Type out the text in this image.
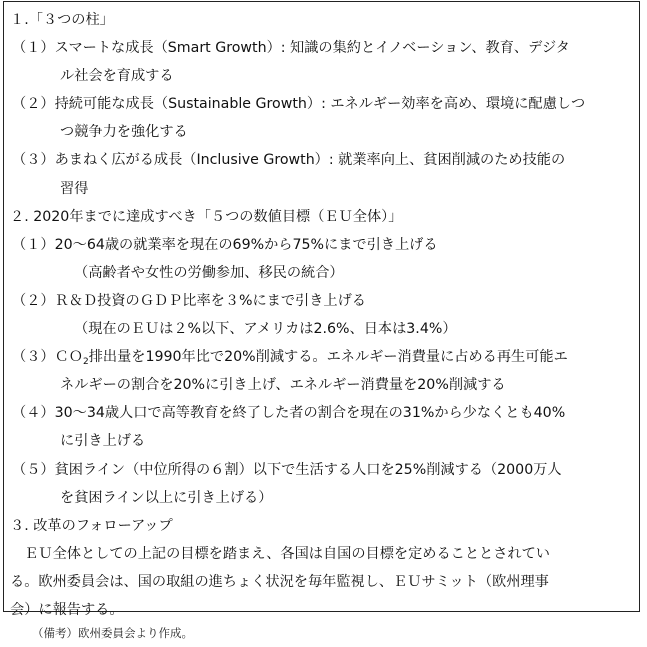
１.「３つの柱」
（１）スマートな成長（Smart Growth）: 知識の集約とイノベーション、教育、デジタ
ル社会を育成する
（２）持続可能な成長（Sustainable Growth）: エネルギー効率を高め、環境に配慮しつ
つ競争力を強化する
（３）あまねく広がる成長（Inclusive Growth）: 就業率向上、貧困削減のため技能の
習得
２. 2020年までに達成すべき「５つの数値目標（ＥＵ全体）」
（１）20～64歳の就業率を現在の69%から75%にまで引き上げる
（高齢者や女性の労働参加、移民の統合）
（２）Ｒ＆Ｄ投資のＧＤＰ比率を３%にまで引き上げる
（現在のＥＵは２%以下、アメリカは2.6%、日本は3.4%）
（３）ＣＯ$_2$排出量を1990年比で20%削減する。エネルギー消費量に占める再生可能エ
ネルギーの割合を20%に引き上げ、エネルギー消費量を20%削減する
（４）30～34歳人口で高等教育を終了した者の割合を現在の31%から少なくとも40%
に引き上げる
（５）貧困ライン（中位所得の６割）以下で生活する人口を25%削減する（2000万人
を貧困ライン以上に引き上げる）
３. 改革のフォローアップ
　ＥＵ全体としての上記の目標を踏まえ、各国は自国の目標を定めることとされてい
る。欧州委員会は、国の取組の進ちょく状況を毎年監視し、ＥＵサミット（欧州理事
会）に報告する。
（備考）欧州委員会より作成。
